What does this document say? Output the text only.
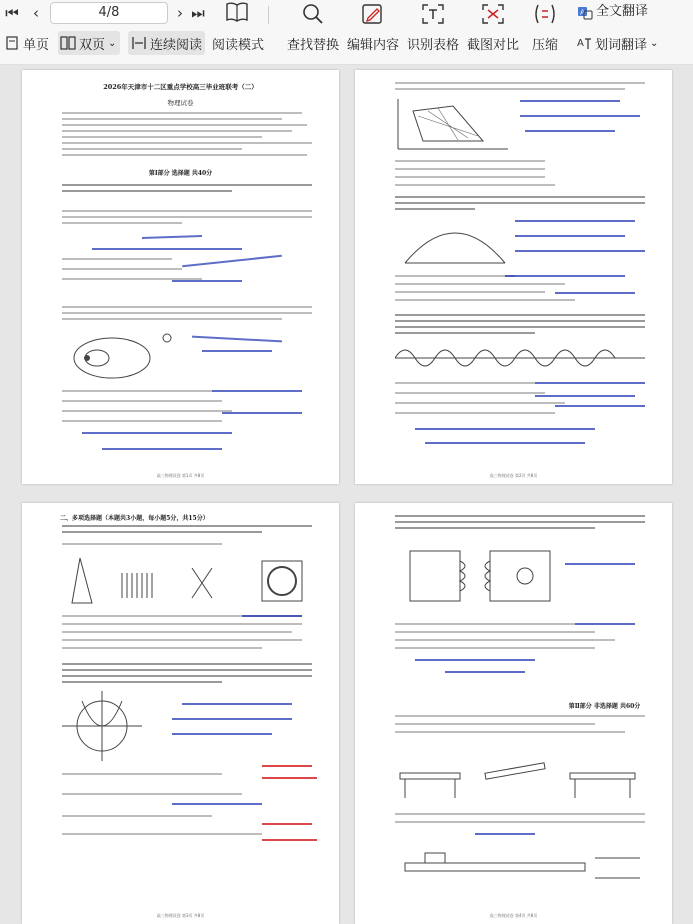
⏮ ‹	4/8	› ⏭	A 全文翻译
单页 双页 ⌄	连续阅读 阅读模式 查找替换 编辑内容 识别表格 截图对比 压缩 A 划词翻译 ⌄
2026年天津市十二区重点学校高三毕业班联考（二）
物理试卷
第Ⅰ部分 选择题 共40分
高三物理试卷 第1页 共8页	高三物理试卷 第2页 共8页
二、多项选择题（本题共3小题，每小题5分，共15分）
高三物理试卷 第3页 共8页
第Ⅱ部分 非选择题 共60分
高三物理试卷 第4页 共8页
